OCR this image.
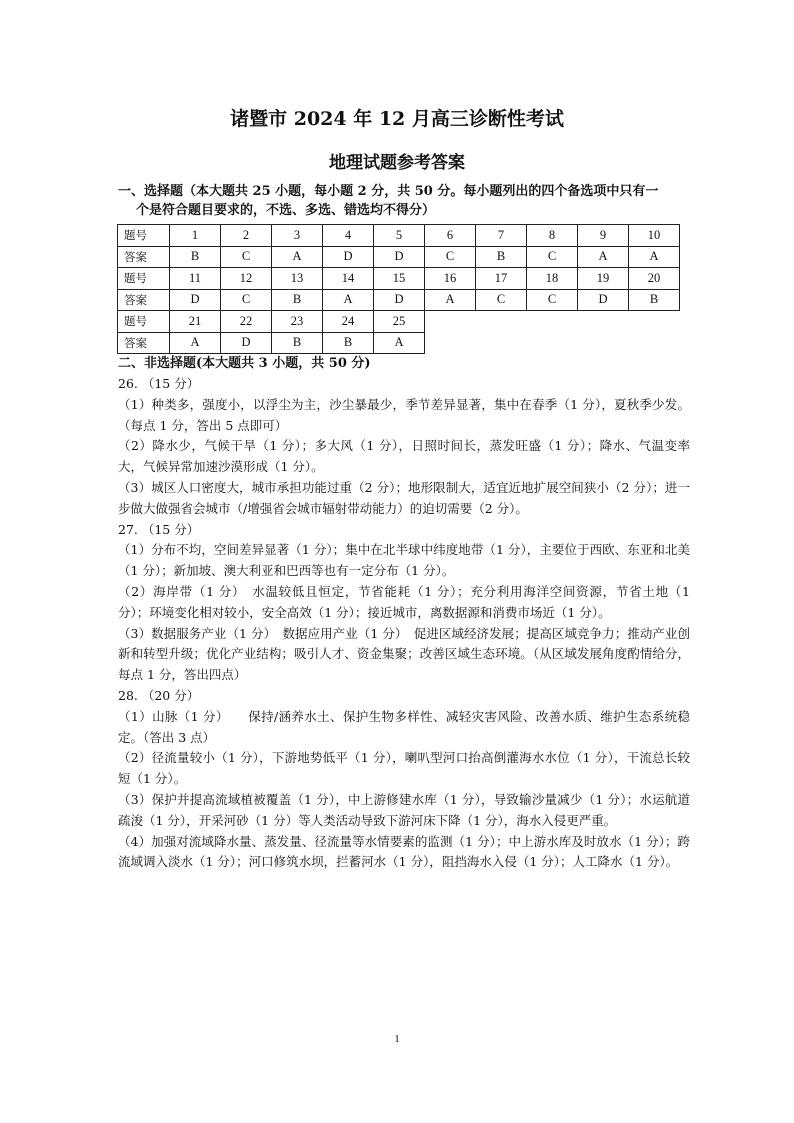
诸暨市 2024 年 12 月高三诊断性考试
地理试题参考答案
一、选择题（本大题共 25 小题，每小题 2 分，共 50 分。每小题列出的四个备选项中只有一
个是符合题目要求的，不选、多选、错选均不得分）
题号	1	2	3	4	5	6	7	8	9	10
答案	B	C	A	D	D	C	B	C	A	A
题号	11	12	13	14	15	16	17	18	19	20
答案	D	C	B	A	D	A	C	C	D	B
题号	21	22	23	24	25					
答案	A	D	B	B	A					
二、非选择题(本大题共 3 小题，共 50 分)

26. （15 分）

（1）种类多，强度小，以浮尘为主，沙尘暴最少，季节差异显著，集中在春季（1 分），夏秋季少发。（每点 1 分，答出 5 点即可）

（2）降水少，气候干旱（1 分）；多大风（1 分），日照时间长，蒸发旺盛（1 分）；降水、气温变率大，气候异常加速沙漠形成（1 分）。

（3）城区人口密度大，城市承担功能过重（2 分）；地形限制大，适宜近地扩展空间狭小（2 分）；进一步做大做强省会城市（/增强省会城市辐射带动能力）的迫切需要（2 分）。

27. （15 分）

（1）分布不均，空间差异显著（1 分）；集中在北半球中纬度地带（1 分），主要位于西欧、东亚和北美（1 分）；新加坡、澳大利亚和巴西等也有一定分布（1 分）。

（2）海岸带（1 分）　水温较低且恒定，节省能耗（1 分）；充分利用海洋空间资源，节省土地（1 分）；环境变化相对较小，安全高效（1 分）；接近城市，离数据源和消费市场近（1 分）。

（3）数据服务产业（1 分）　数据应用产业（1 分）　促进区域经济发展；提高区域竞争力；推动产业创新和转型升级；优化产业结构；吸引人才、资金集聚；改善区域生态环境。（从区域发展角度酌情给分，每点 1 分，答出四点）

28. （20 分）

（1）山脉（1 分）　　保持/涵养水土、保护生物多样性、减轻灾害风险、改善水质、维护生态系统稳定。（答出 3 点）

（2）径流量较小（1 分），下游地势低平（1 分），喇叭型河口抬高倒灌海水水位（1 分），干流总长较短（1 分）。

（3）保护并提高流域植被覆盖（1 分），中上游修建水库（1 分），导致输沙量减少（1 分）；水运航道疏浚（1 分），开采河砂（1 分）等人类活动导致下游河床下降（1 分），海水入侵更严重。

（4）加强对流域降水量、蒸发量、径流量等水情要素的监测（1 分）；中上游水库及时放水（1 分）；跨流域调入淡水（1 分）；河口修筑水坝，拦蓄河水（1 分），阻挡海水入侵（1 分）；人工降水（1 分）。

1
